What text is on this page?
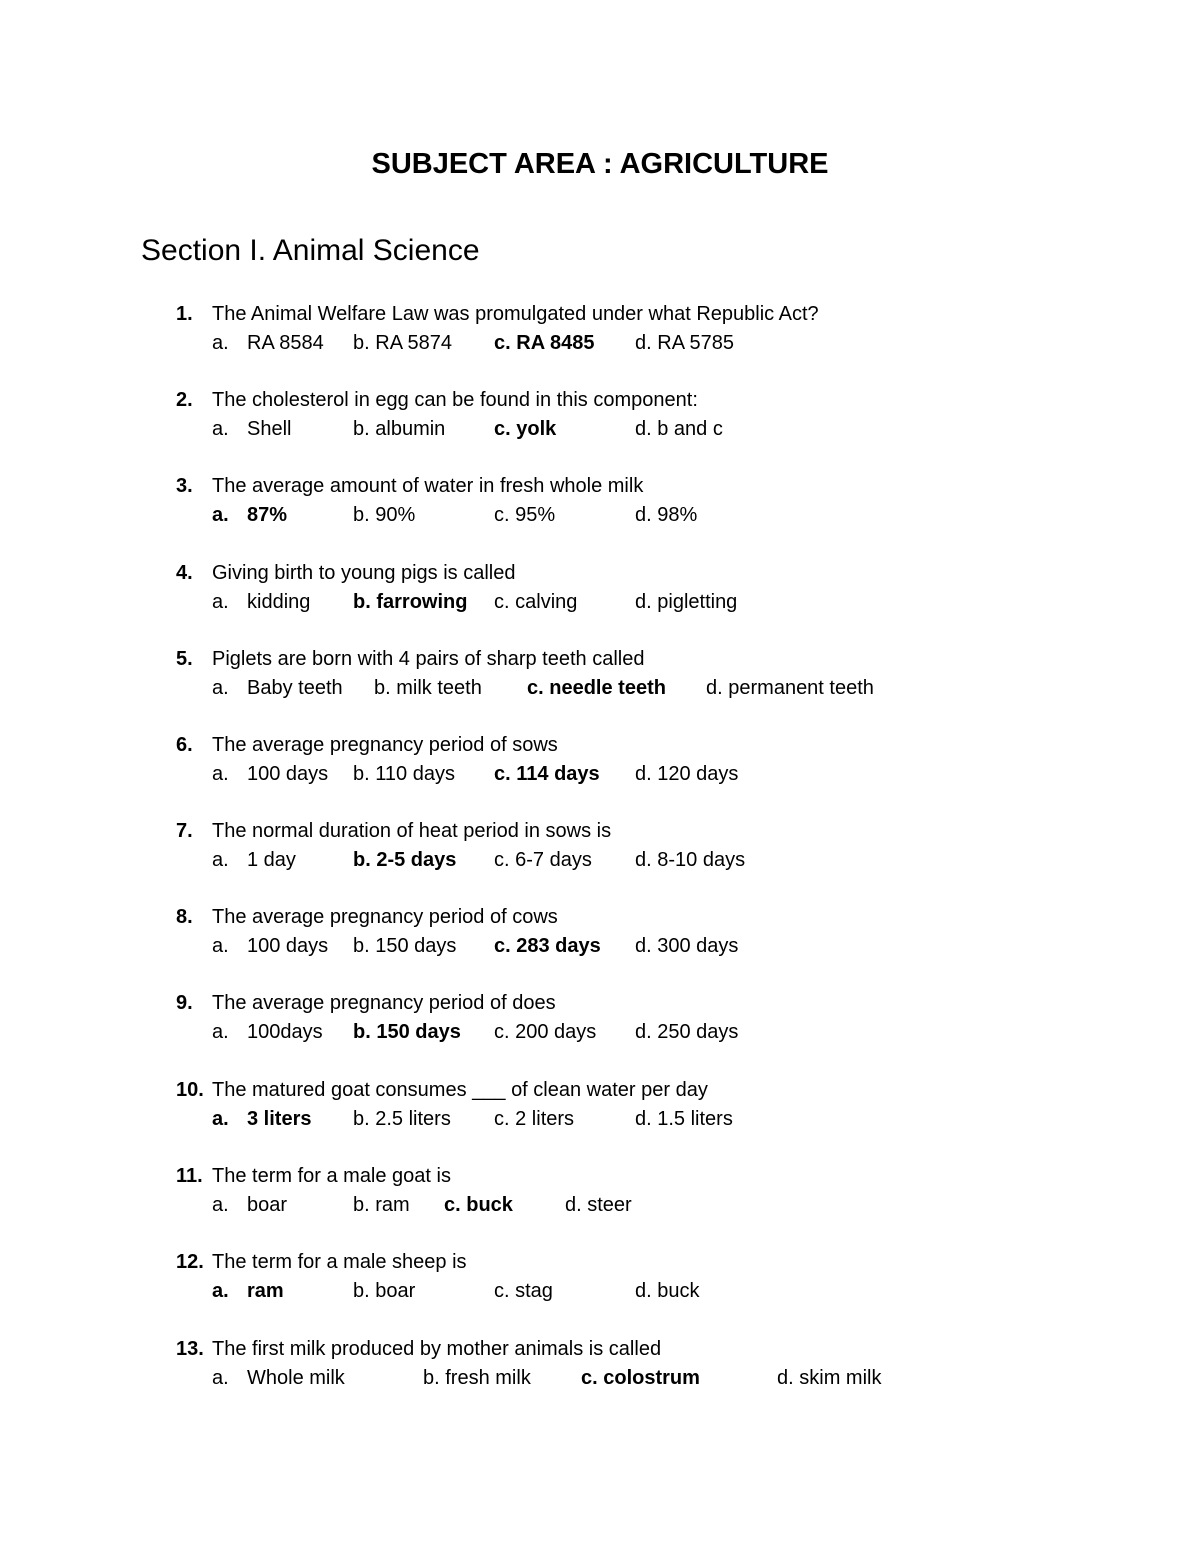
SUBJECT AREA : AGRICULTURE
Section I. Animal Science
1. The Animal Welfare Law was promulgated under what Republic Act?
a. RA 8584 b. RA 5874 c. RA 8485 d. RA 5785
2. The cholesterol in egg can be found in this component:
a. Shell	b. albumin c. yolk	d. b and c
3. The average amount of water in fresh whole milk
a. 87%	b. 90%	c. 95%	d. 98%
4. Giving birth to young pigs is called
a. kidding b. farrowing c. calving	d. pigletting
5. Piglets are born with 4 pairs of sharp teeth called
a. Baby teeth b. milk teeth c. needle teeth d. permanent teeth
6. The average pregnancy period of sows
a. 100 days b. 110 days c. 114 days d. 120 days
7. The normal duration of heat period in sows is
a. 1 day	b. 2-5 days c. 6-7 days d. 8-10 days
8. The average pregnancy period of cows
a. 100 days b. 150 days c. 283 days d. 300 days
9. The average pregnancy period of does
a. 100days b. 150 days c. 200 days d. 250 days
10. The matured goat consumes ___ of clean water per day
a. 3 liters b. 2.5 liters c. 2 liters	d. 1.5 liters
11. The term for a male goat is
a. boar	b. ram c. buck	d. steer
12. The term for a male sheep is
a. ram	b. boar	c. stag	d. buck
13. The first milk produced by mother animals is called
a. Whole milk	b. fresh milk	c. colostrum	d. skim milk
